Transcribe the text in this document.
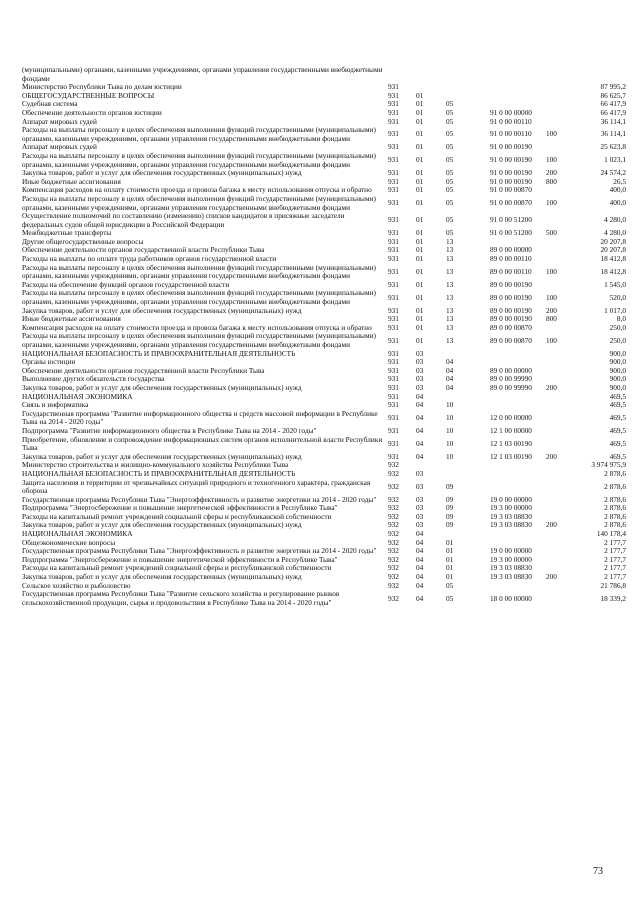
(муниципальными) органами, казенными учреждениями, органами управления государственными внебюджетными фондами						
Министерство Республики Тыва по делам юстиции	931					87 995,2
ОБЩЕГОСУДАРСТВЕННЫЕ ВОПРОСЫ	931	01				86 625,7
Судебная система	931	01	05			66 417,9
Обеспечение деятельности органов юстиции	931	01	05	91 0 00 00000		66 417,9
Аппарат мировых судей	931	01	05	91 0 00 00110		36 114,1
Расходы на выплаты персоналу в целях обеспечения выполнения функций государственными (муниципальными) органами, казенными учреждениями, органами управления государственными внебюджетными фондами	931	01	05	91 0 00 00110	100	36 114,1
Аппарат мировых судей	931	01	05	91 0 00 00190		25 623,8
Расходы на выплаты персоналу в целях обеспечения выполнения функций государственными (муниципальными) органами, казенными учреждениями, органами управления государственными внебюджетными фондами	931	01	05	91 0 00 00190	100	1 023,1
Закупка товаров, работ и услуг для обеспечения государственных (муниципальных) нужд	931	01	05	91 0 00 00190	200	24 574,2
Иные бюджетные ассигнования	931	01	05	91 0 00 00190	800	26,5
Компенсация расходов на оплату стоимости проезда и провоза багажа к месту использования отпуска и обратно	931	01	05	91 0 00 00870		400,0
Расходы на выплаты персоналу в целях обеспечения выполнения функций государственными (муниципальными) органами, казенными учреждениями, органами управления государственными внебюджетными фондами	931	01	05	91 0 00 00870	100	400,0
Осуществление полномочий по составлению (изменению) списков кандидатов в присяжные заседатели федеральных судов общей юрисдикции в Российской Федерации	931	01	05	91 0 00 51200		4 280,0
Межбюджетные трансферты	931	01	05	91 0 00 51200	500	4 280,0
Другие общегосударственные вопросы	931	01	13			20 207,8
Обеспечение деятельности органов государственной власти Республики Тыва	931	01	13	89 0 00 00000		20 207,8
Расходы на выплаты по оплате труда работников органов государственной власти	931	01	13	89 0 00 00110		18 412,8
Расходы на выплаты персоналу в целях обеспечения выполнения функций государственными (муниципальными) органами, казенными учреждениями, органами управления государственными внебюджетными фондами	931	01	13	89 0 00 00110	100	18 412,8
Расходы на обеспечение функций органов государственной власти	931	01	13	89 0 00 00190		1 545,0
Расходы на выплаты персоналу в целях обеспечения выполнения функций государственными (муниципальными) органами, казенными учреждениями, органами управления государственными внебюджетными фондами	931	01	13	89 0 00 00190	100	520,0
Закупка товаров, работ и услуг для обеспечения государственных (муниципальных) нужд	931	01	13	89 0 00 00190	200	1 017,0
Иные бюджетные ассигнования	931	01	13	89 0 00 00190	800	8,0
Компенсация расходов на оплату стоимости проезда и провоза багажа к месту использования отпуска и обратно	931	01	13	89 0 00 00870		250,0
Расходы на выплаты персоналу в целях обеспечения выполнения функций государственными (муниципальными) органами, казенными учреждениями, органами управления государственными внебюджетными фондами	931	01	13	89 0 00 00870	100	250,0
НАЦИОНАЛЬНАЯ БЕЗОПАСНОСТЬ И ПРАВООХРАНИТЕЛЬНАЯ ДЕЯТЕЛЬНОСТЬ	931	03				900,0
Органы юстиции	931	03	04			900,0
Обеспечение деятельности органов государственной власти Республики Тыва	931	03	04	89 0 00 00000		900,0
Выполнение других обязательств государства	931	03	04	89 0 00 99990		900,0
Закупка товаров, работ и услуг для обеспечения государственных (муниципальных) нужд	931	03	04	89 0 00 99990	200	900,0
НАЦИОНАЛЬНАЯ ЭКОНОМИКА	931	04				469,5
Связь и информатика	931	04	10			469,5
Государственная программа "Развитие информационного общества и средств массовой информации в Республике Тыва на 2014 - 2020 годы"	931	04	10	12 0 00 00000		469,5
Подпрограмма "Развитие информационного общества в Республике Тыва на 2014 - 2020 годы"	931	04	10	12 1 00 00000		469,5
Приобретение, обновление и сопровождение информационных систем органов исполнительной власти Республики Тыва	931	04	10	12 1 03 00190		469,5
Закупка товаров, работ и услуг для обеспечения государственных (муниципальных) нужд	931	04	10	12 1 03 00190	200	469,5
Министерство строительства и жилищно-коммунального хозяйства Республики Тыва	932					3 974 975,9
НАЦИОНАЛЬНАЯ БЕЗОПАСНОСТЬ И ПРАВООХРАНИТЕЛЬНАЯ ДЕЯТЕЛЬНОСТЬ	932	03				2 878,6
Защита населения и территории от чрезвычайных ситуаций природного и техногенного характера, гражданская оборона	932	03	09			2 878,6
Государственная программа Республики Тыва "Энергоэффективность и развитие энергетики на 2014 - 2020 годы"	932	03	09	19 0 00 00000		2 878,6
Подпрограмма "Энергосбережение и повышение энергетической эффективности в Республике Тыва"	932	03	09	19 3 00 00000		2 878,6
Расходы на капитальный ремонт учреждений социальной сферы и республиканской собственности	932	03	09	19 3 03 08830		2 878,6
Закупка товаров, работ и услуг для обеспечения государственных (муниципальных) нужд	932	03	09	19 3 03 08830	200	2 878,6
НАЦИОНАЛЬНАЯ ЭКОНОМИКА	932	04				140 178,4
Общеэкономические вопросы	932	04	01			2 177,7
Государственная программа Республики Тыва "Энергоэффективность и развитие энергетики на 2014 - 2020 годы"	932	04	01	19 0 00 00000		2 177,7
Подпрограмма "Энергосбережение и повышение энергетической эффективности в Республике Тыва"	932	04	01	19 3 00 00000		2 177,7
Расходы на капитальный ремонт учреждений социальной сферы и республиканской собственности	932	04	01	19 3 03 08830		2 177,7
Закупка товаров, работ и услуг для обеспечения государственных (муниципальных) нужд	932	04	01	19 3 03 08830	200	2 177,7
Сельское хозяйство и рыболовство	932	04	05			21 786,8
Государственная программа Республики Тыва "Развитие сельского хозяйства и регулирование рынков сельскохозяйственной продукции, сырья и продовольствия в Республике Тыва на 2014 - 2020 годы"	932	04	05	18 0 00 00000		18 339,2
73
